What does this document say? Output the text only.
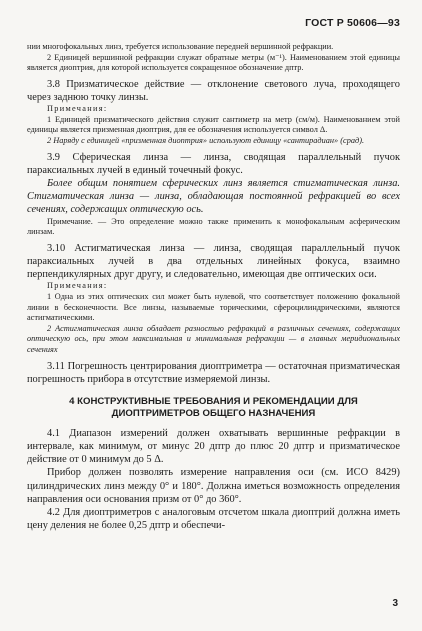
ГОСТ Р 50606—93

нии многофокальных линз, требуется использование передней вершинной рефракции.

2 Единицей вершинной рефракции служат обратные метры (м⁻¹). Наименованием этой единицы является диоптрия, для которой используется сокращенное обозначение дптр.

3.8 Призматическое действие — отклонение светового луча, проходящего через заднюю точку линзы.

Примечания:

1 Единицей призматического действия служит сантиметр на метр (см/м). Наименованием этой единицы является призменная диоптрия, для ее обозначения используется символ Δ.

2 Наряду с единицей «призменная диоптрия» используют единицу «сантирадиан» (срад).

3.9 Сферическая линза — линза, сводящая параллельный пучок параксиальных лучей в единый точечный фокус.

Более общим понятием сферических линз является стигматическая линза. Стигматическая линза — линза, обладающая постоянной рефракцией во всех сечениях, содержащих оптическую ось.

Примечание. — Это определение можно также применить к монофокальным асферическим линзам.

3.10 Астигматическая линза — линза, сводящая параллельный пучок параксиальных лучей в два отдельных линейных фокуса, взаимно перпендикулярных друг другу, и следовательно, имеющая две оптических оси.

Примечания:

1 Одна из этих оптических сил может быть нулевой, что соответствует положению фокальной линии в бесконечности. Все линзы, называемые торическими, сфероцилиндрическими, являются астигматическими.

2 Астигматическая линза обладает разностью рефракций в различных сечениях, содержащих оптическую ось, при этом максимальная и минимальная рефракции — в главных меридиональных сечениях

3.11 Погрешность центрирования диоптриметра — остаточная призматическая погрешность прибора в отсутствие измеряемой линзы.

4 КОНСТРУКТИВНЫЕ ТРЕБОВАНИЯ И РЕКОМЕНДАЦИИ ДЛЯ ДИОПТРИМЕТРОВ ОБЩЕГО НАЗНАЧЕНИЯ

4.1 Диапазон измерений должен охватывать вершинные рефракции в интервале, как минимум, от минус 20 дптр до плюс 20 дптр и призматическое действие от 0 минимум до 5 Δ.

Прибор должен позволять измерение направления оси (см. ИСО 8429) цилиндрических линз между 0° и 180°. Должна иметься возможность определения направления оси основания призм от 0° до 360°.

4.2 Для диоптриметров с аналоговым отсчетом шкала диоптрий должна иметь цену деления не более 0,25 дптр и обеспечи-

3
